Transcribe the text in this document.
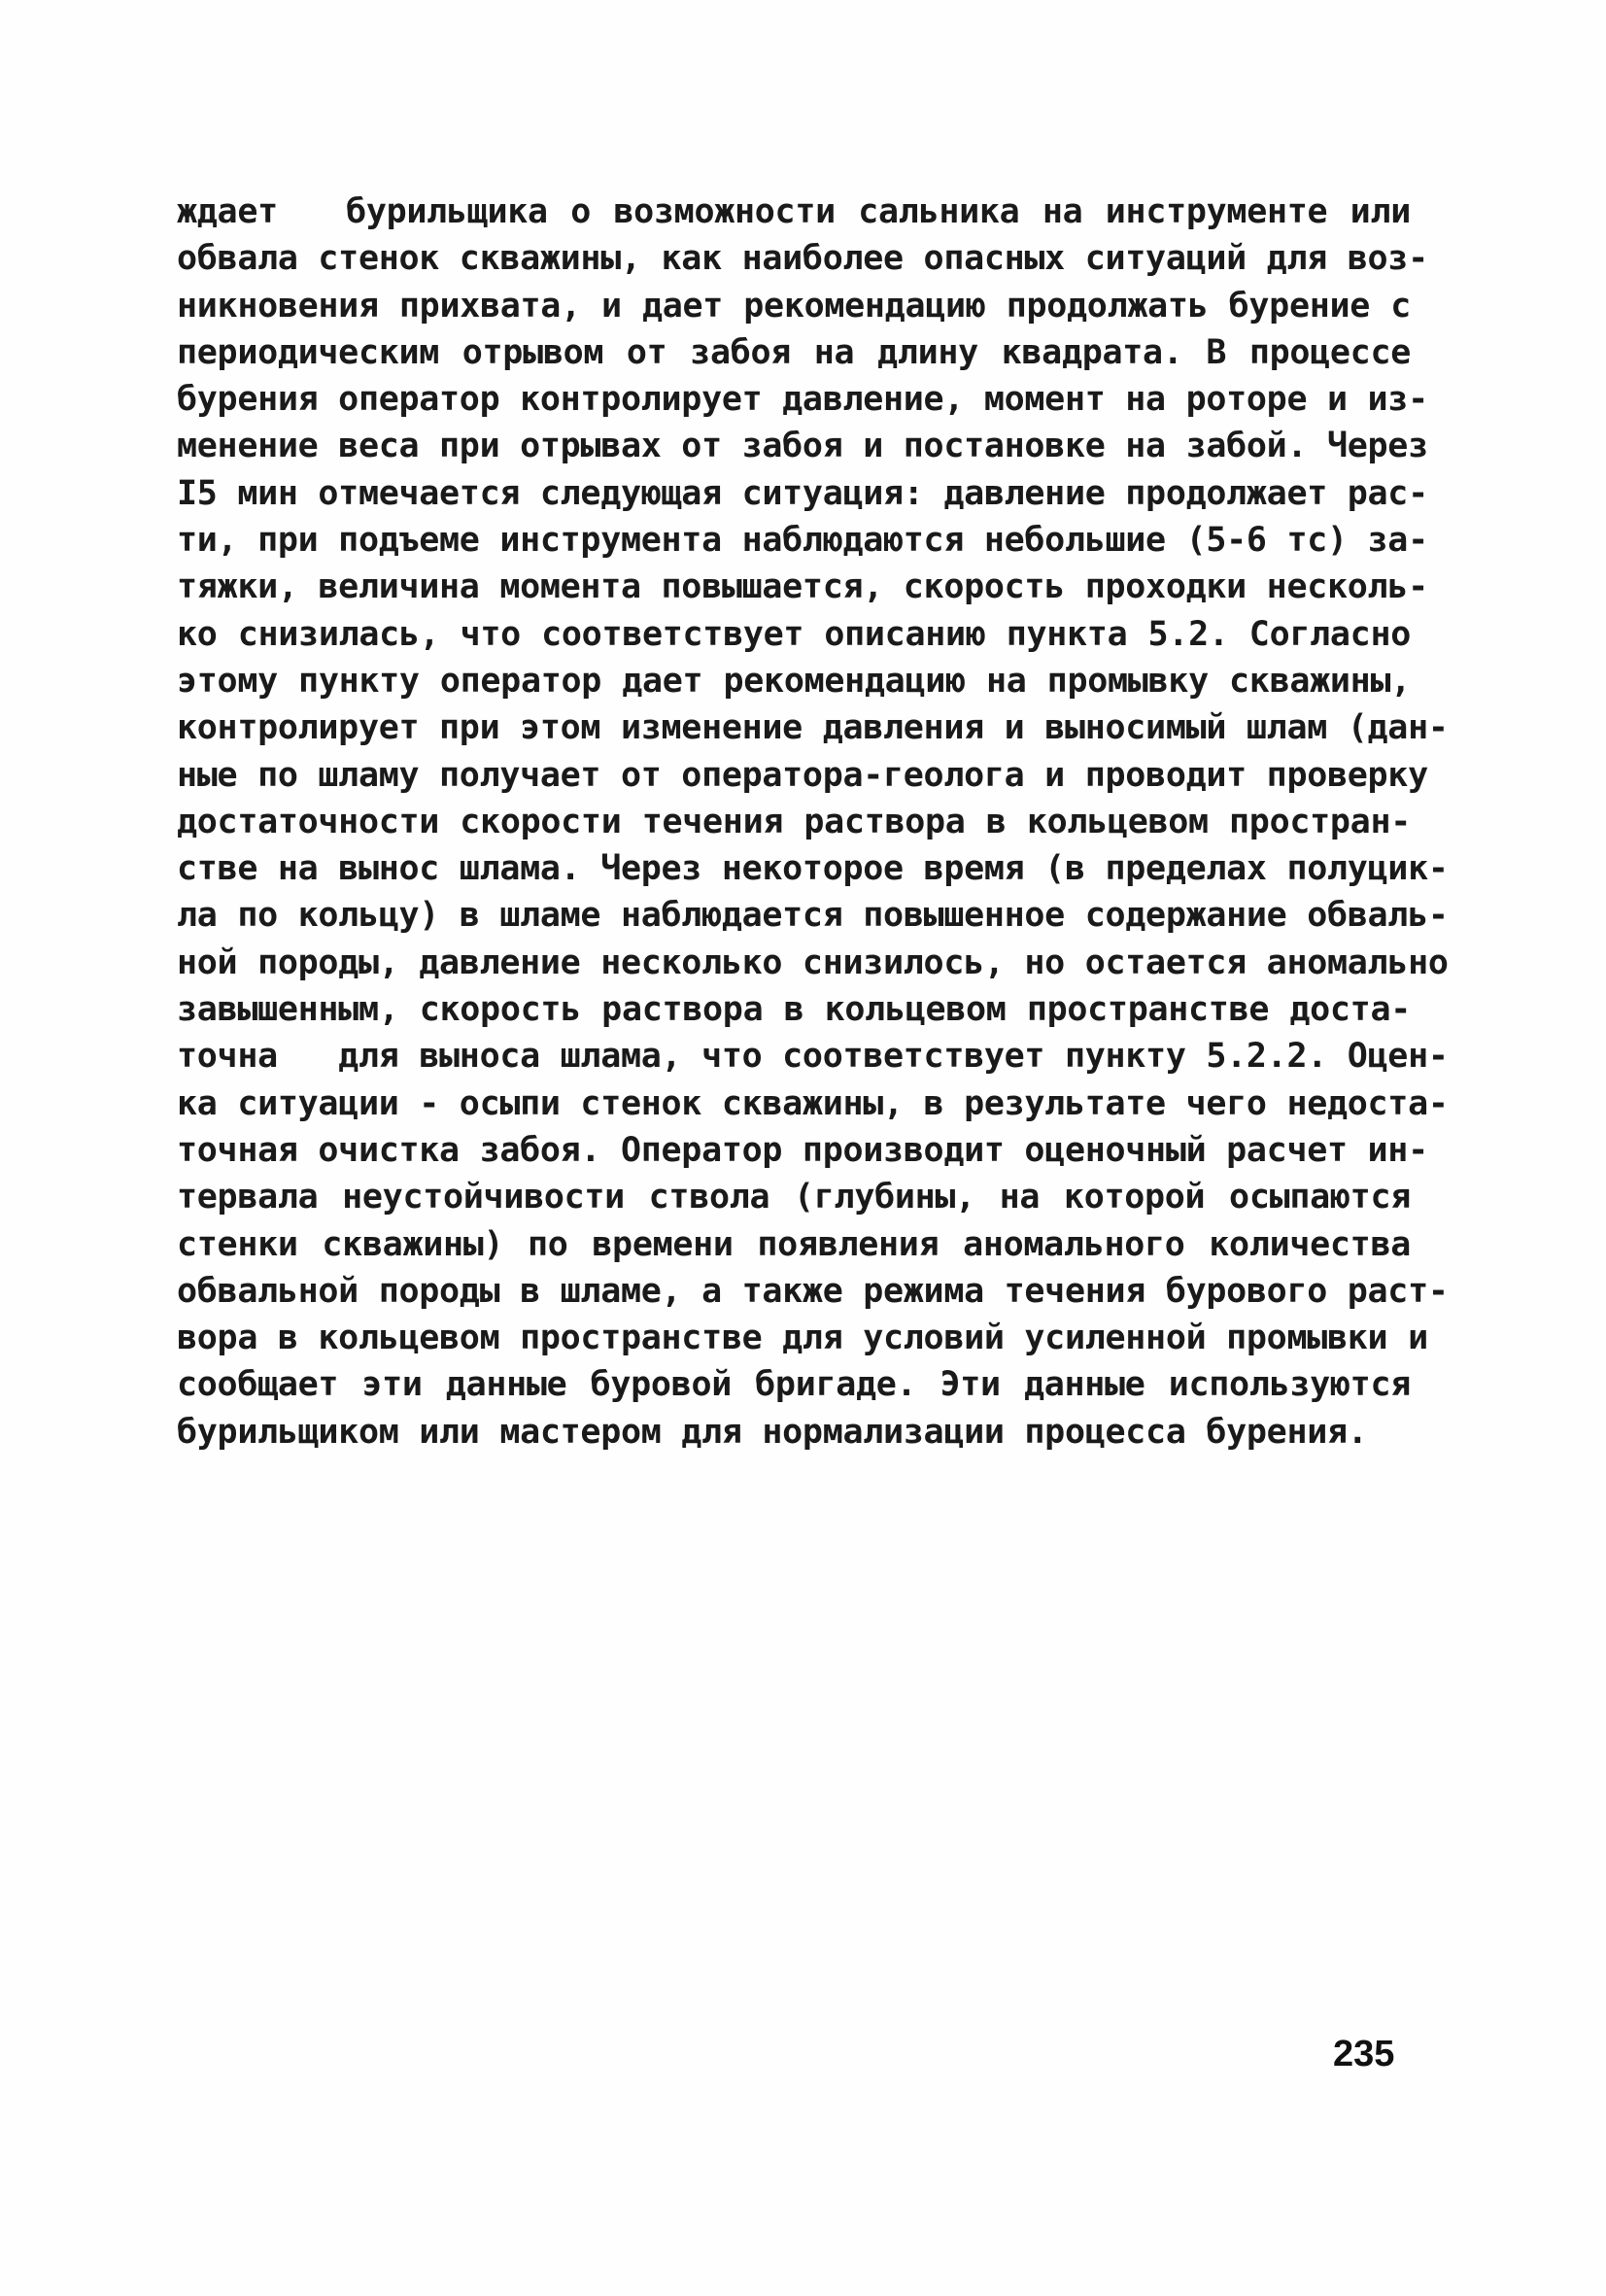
ждает   бурильщика о возможности сальника на инструменте или
обвала стенок скважины, как наиболее опасных ситуаций для воз-
никновения прихвата, и дает рекомендацию продолжать бурение с
периодическим отрывом от забоя на длину квадрата. В процессе
бурения оператор контролирует давление, момент на роторе и из-
менение веса при отрывах от забоя и постановке на забой. Через
I5 мин отмечается следующая ситуация: давление продолжает рас-
ти, при подъеме инструмента наблюдаются небольшие (5-6 тс) за-
тяжки, величина момента повышается, скорость проходки несколь-
ко снизилась, что соответствует описанию пункта 5.2. Согласно
этому пункту оператор дает рекомендацию на промывку скважины,
контролирует при этом изменение давления и выносимый шлам (дан-
ные по шламу получает от оператора-геолога и проводит проверку
достаточности скорости течения раствора в кольцевом простран-
стве на вынос шлама. Через некоторое время (в пределах полуцик-
ла по кольцу) в шламе наблюдается повышенное содержание обваль-
ной породы, давление несколько снизилось, но остается аномально
завышенным, скорость раствора в кольцевом пространстве доста-
точна   для выноса шлама, что соответствует пункту 5.2.2. Оцен-
ка ситуации - осыпи стенок скважины, в результате чего недоста-
точная очистка забоя. Оператор производит оценочный расчет ин-
тервала неустойчивости ствола (глубины, на которой осыпаются
стенки скважины) по времени появления аномального количества
обвальной породы в шламе, а также режима течения бурового раст-
вора в кольцевом пространстве для условий усиленной промывки и
сообщает эти данные буровой бригаде. Эти данные используются
бурильщиком или мастером для нормализации процесса бурения.
235
